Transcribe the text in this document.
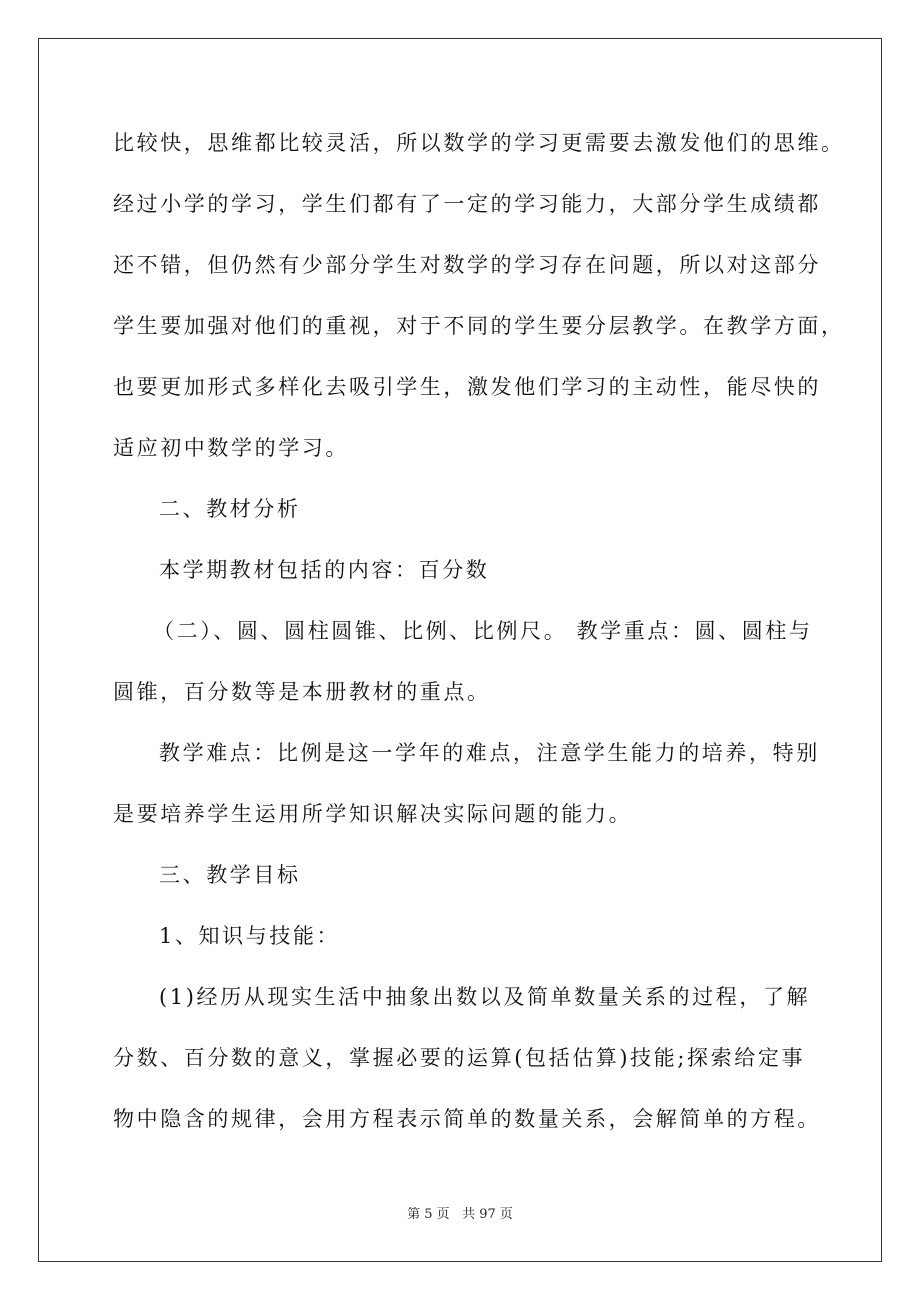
比较快，思维都比较灵活，所以数学的学习更需要去激发他们的思维。
经过小学的学习，学生们都有了一定的学习能力，大部分学生成绩都
还不错，但仍然有少部分学生对数学的学习存在问题，所以对这部分
学生要加强对他们的重视，对于不同的学生要分层教学。在教学方面，
也要更加形式多样化去吸引学生，激发他们学习的主动性，能尽快的
适应初中数学的学习。
二、教材分析
本学期教材包括的内容：百分数
（二）、圆、圆柱圆锥、比例、比例尺。 教学重点：圆、圆柱与
圆锥，百分数等是本册教材的重点。
教学难点：比例是这一学年的难点，注意学生能力的培养，特别
是要培养学生运用所学知识解决实际问题的能力。
三、教学目标
1、知识与技能：
(1)经历从现实生活中抽象出数以及简单数量关系的过程，了解
分数、百分数的意义，掌握必要的运算(包括估算)技能;探索给定事
物中隐含的规律，会用方程表示简单的数量关系，会解简单的方程。
第 5 页 共 97 页
